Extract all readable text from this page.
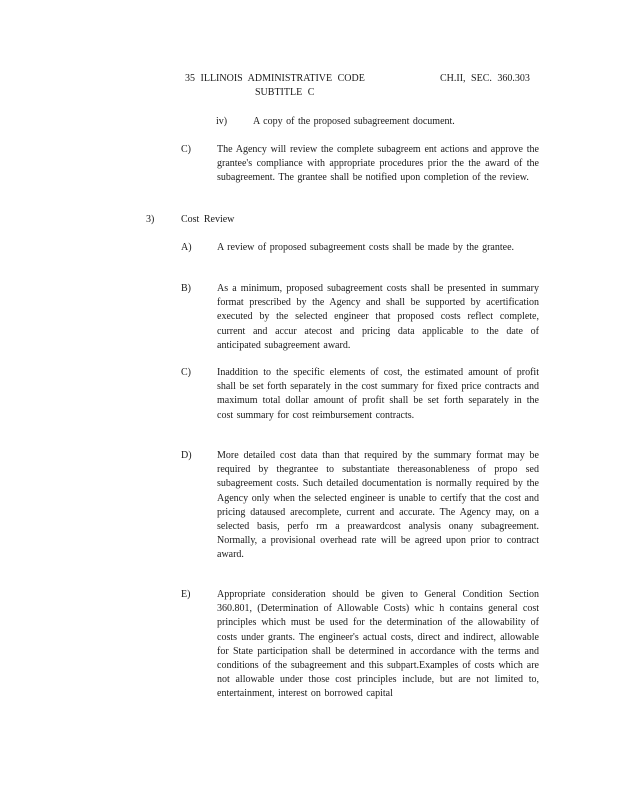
35 ILLINOIS ADMINISTRATIVE CODE
SUBTITLE C
CH.II, SEC. 360.303
iv)	A copy of the proposed subagreement document.
C)	The Agency will review the complete subagreem ent actions and approve the grantee's compliance with appropriate procedures prior the the award of the subagreement. The grantee shall be notified upon completion of the review.
3)	Cost Review
A)	A review of proposed subagreement costs shall be made by the grantee.
B)	As a minimum, proposed subagreement costs shall be presented in summary format prescribed by the Agency and shall be supported by acertification executed by the selected engineer that proposed costs reflect complete, current and accur atecost and pricing data applicable to the date of anticipated subagreement award.
C)	Inaddition to the specific elements of cost, the estimated amount of profit shall be set forth separately in the cost summary for fixed price contracts and maximum total dollar amount of profit shall be set forth separately in the cost summary for cost reimbursement contracts.
D)	More detailed cost data than that required by the summary format may be required by thegrantee to substantiate thereasonableness of propo sed subagreement costs. Such detailed documentation is normally required by the Agency only when the selected engineer is unable to certify that the cost and pricing dataused arecomplete, current and accurate. The Agency may, on a selected basis, perfo rm a preawardcost analysis onany subagreement. Normally, a provisional overhead rate will be agreed upon prior to contract award.
E)	Appropriate consideration should be given to General Condition Section 360.801, (Determination of Allowable Costs) whic h contains general cost principles which must be used for the determination of the allowability of costs under grants. The engineer's actual costs, direct and indirect, allowable for State participation shall be determined in accordance with the terms and conditions of the subagreement and this subpart.Examples of costs which are not allowable under those cost principles include, but are not limited to, entertainment, interest on borrowed capital
